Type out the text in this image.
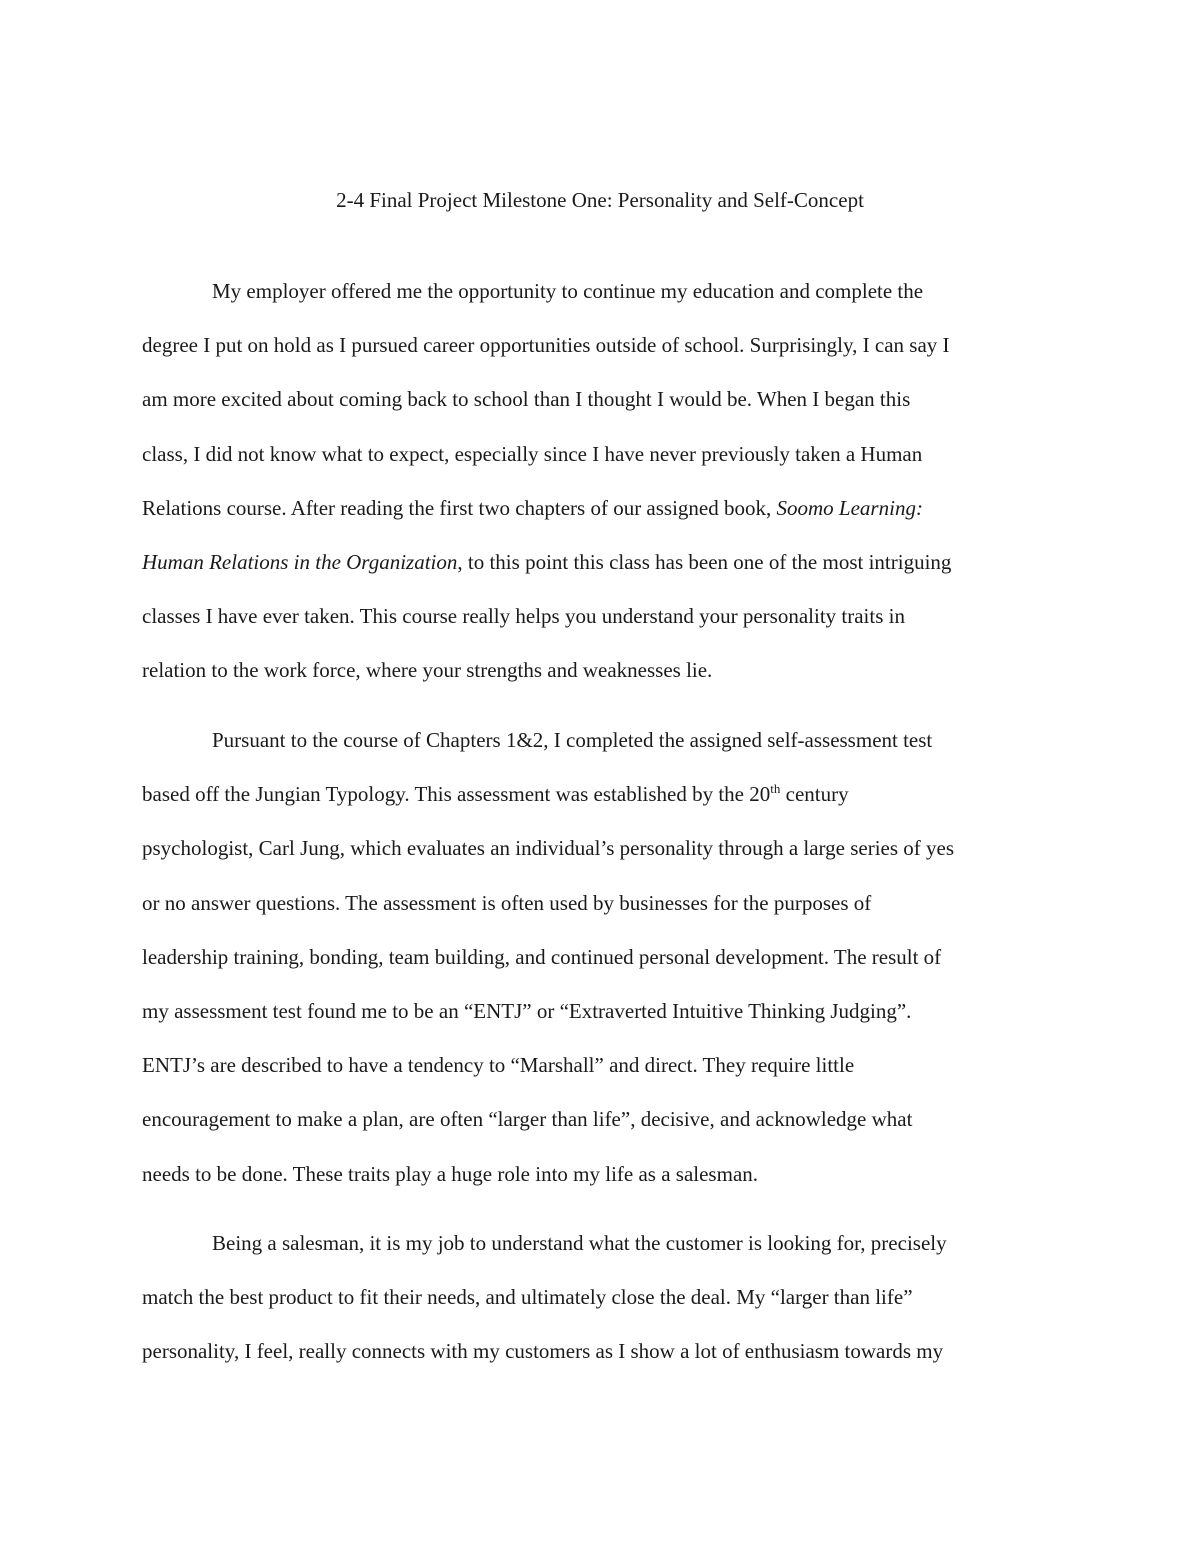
2-4 Final Project Milestone One: Personality and Self-Concept

My employer offered me the opportunity to continue my education and complete the
degree I put on hold as I pursued career opportunities outside of school. Surprisingly, I can say I
am more excited about coming back to school than I thought I would be. When I began this
class, I did not know what to expect, especially since I have never previously taken a Human
Relations course. After reading the first two chapters of our assigned book, Soomo Learning:
Human Relations in the Organization, to this point this class has been one of the most intriguing
classes I have ever taken. This course really helps you understand your personality traits in
relation to the work force, where your strengths and weaknesses lie.

Pursuant to the course of Chapters 1&2, I completed the assigned self-assessment test
based off the Jungian Typology. This assessment was established by the 20th century
psychologist, Carl Jung, which evaluates an individual’s personality through a large series of yes
or no answer questions. The assessment is often used by businesses for the purposes of
leadership training, bonding, team building, and continued personal development. The result of
my assessment test found me to be an “ENTJ” or “Extraverted Intuitive Thinking Judging”.
ENTJ’s are described to have a tendency to “Marshall” and direct. They require little
encouragement to make a plan, are often “larger than life”, decisive, and acknowledge what
needs to be done. These traits play a huge role into my life as a salesman.

Being a salesman, it is my job to understand what the customer is looking for, precisely
match the best product to fit their needs, and ultimately close the deal. My “larger than life”
personality, I feel, really connects with my customers as I show a lot of enthusiasm towards my
